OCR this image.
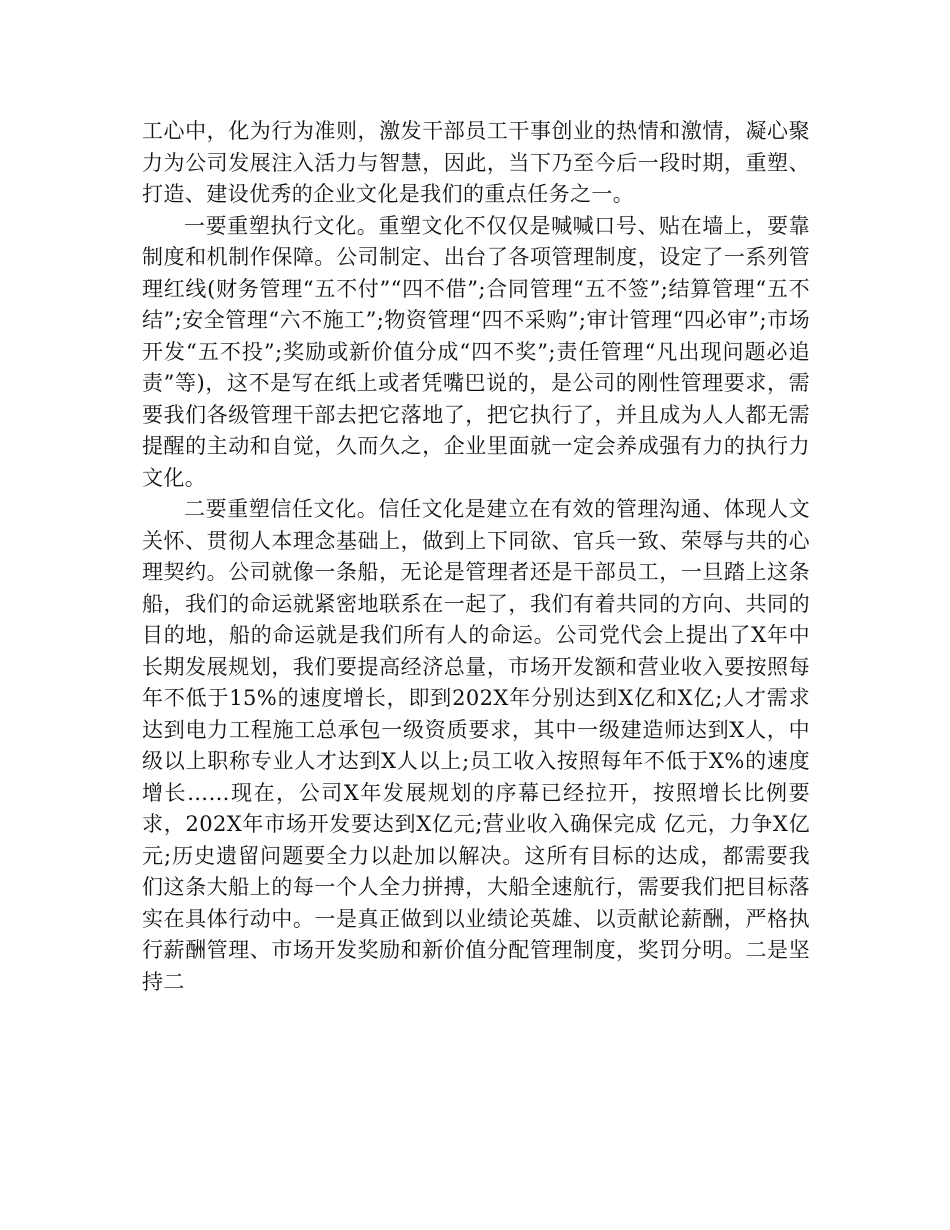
工心中，化为行为准则，激发干部员工干事创业的热情和激情，凝心聚力为公司发展注入活力与智慧，因此，当下乃至今后一段时期，重塑、打造、建设优秀的企业文化是我们的重点任务之一。

一要重塑执行文化。重塑文化不仅仅是喊喊口号、贴在墙上，要靠制度和机制作保障。公司制定、出台了各项管理制度，设定了一系列管理红线(财务管理“五不付”“四不借”;合同管理“五不签”;结算管理“五不结”;安全管理“六不施工”;物资管理“四不采购”;审计管理“四必审”;市场开发“五不投”;奖励或新价值分成“四不奖”;责任管理“凡出现问题必追责”等)，这不是写在纸上或者凭嘴巴说的，是公司的刚性管理要求，需要我们各级管理干部去把它落地了，把它执行了，并且成为人人都无需提醒的主动和自觉，久而久之，企业里面就一定会养成强有力的执行力文化。

二要重塑信任文化。信任文化是建立在有效的管理沟通、体现人文关怀、贯彻人本理念基础上，做到上下同欲、官兵一致、荣辱与共的心理契约。公司就像一条船，无论是管理者还是干部员工，一旦踏上这条船，我们的命运就紧密地联系在一起了，我们有着共同的方向、共同的目的地，船的命运就是我们所有人的命运。公司党代会上提出了X年中长期发展规划，我们要提高经济总量，市场开发额和营业收入要按照每年不低于15%的速度增长，即到202X年分别达到X亿和X亿;人才需求达到电力工程施工总承包一级资质要求，其中一级建造师达到X人，中级以上职称专业人才达到X人以上;员工收入按照每年不低于X%的速度增长……现在，公司X年发展规划的序幕已经拉开，按照增长比例要求，202X年市场开发要达到X亿元;营业收入确保完成 亿元，力争X亿元;历史遗留问题要全力以赴加以解决。这所有目标的达成，都需要我们这条大船上的每一个人全力拼搏，大船全速航行，需要我们把目标落实在具体行动中。一是真正做到以业绩论英雄、以贡献论薪酬，严格执行薪酬管理、市场开发奖励和新价值分配管理制度，奖罚分明。二是坚持二
